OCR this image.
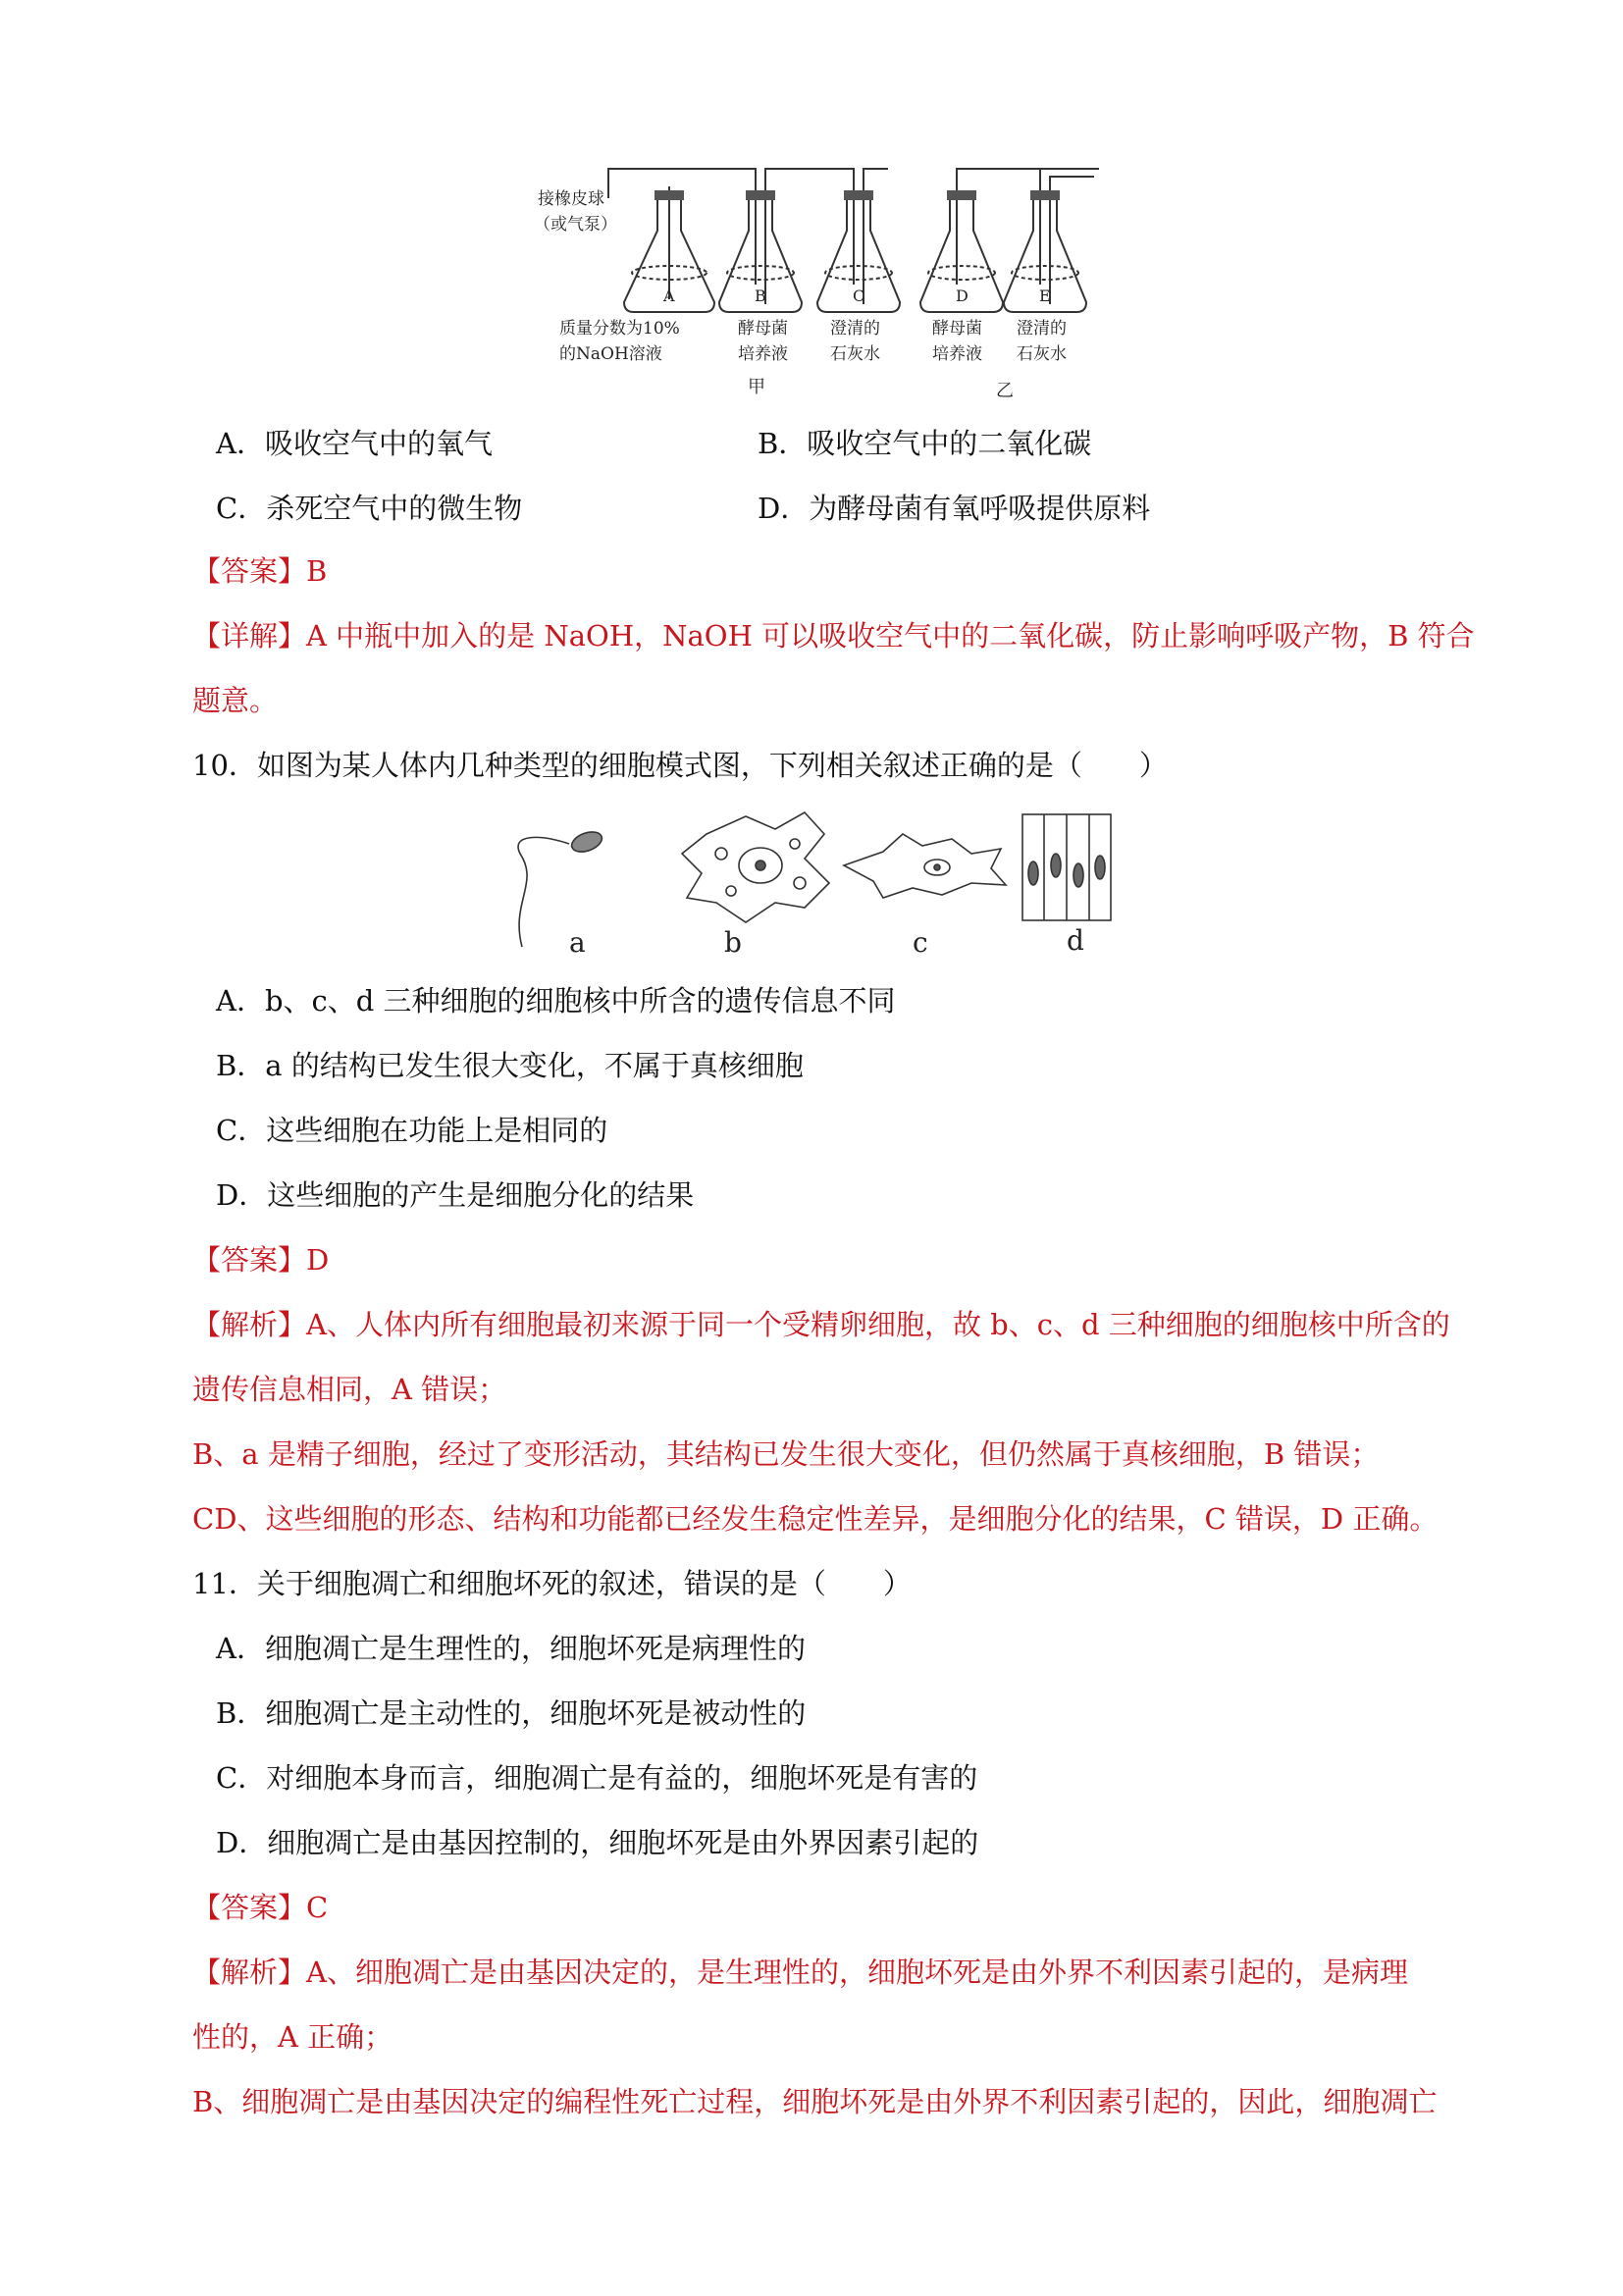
接橡皮球
（或气泵）
A	B	C	D	E
质量分数为10%
的NaOH溶液
酵母菌
培养液
澄清的
石灰水
酵母菌
培养液
澄清的
石灰水
甲	乙
A．吸收空气中的氧气	B．吸收空气中的二氧化碳
C．杀死空气中的微生物	D．为酵母菌有氧呼吸提供原料
【答案】B
【详解】A 中瓶中加入的是 NaOH，NaOH 可以吸收空气中的二氧化碳，防止影响呼吸产物，B 符合
题意。
10．如图为某人体内几种类型的细胞模式图，下列相关叙述正确的是（　　）
a	b	c	d
A．b、c、d 三种细胞的细胞核中所含的遗传信息不同
B．a 的结构已发生很大变化，不属于真核细胞
C．这些细胞在功能上是相同的
D．这些细胞的产生是细胞分化的结果
【答案】D
【解析】A、人体内所有细胞最初来源于同一个受精卵细胞，故 b、c、d 三种细胞的细胞核中所含的
遗传信息相同，A 错误；
B、a 是精子细胞，经过了变形活动，其结构已发生很大变化，但仍然属于真核细胞，B 错误；
CD、这些细胞的形态、结构和功能都已经发生稳定性差异，是细胞分化的结果，C 错误，D 正确。
11．关于细胞凋亡和细胞坏死的叙述，错误的是（　　）
A．细胞凋亡是生理性的，细胞坏死是病理性的
B．细胞凋亡是主动性的，细胞坏死是被动性的
C．对细胞本身而言，细胞凋亡是有益的，细胞坏死是有害的
D．细胞凋亡是由基因控制的，细胞坏死是由外界因素引起的
【答案】C
【解析】A、细胞凋亡是由基因决定的，是生理性的，细胞坏死是由外界不利因素引起的，是病理
性的，A 正确；
B、细胞凋亡是由基因决定的编程性死亡过程，细胞坏死是由外界不利因素引起的，因此，细胞凋亡
